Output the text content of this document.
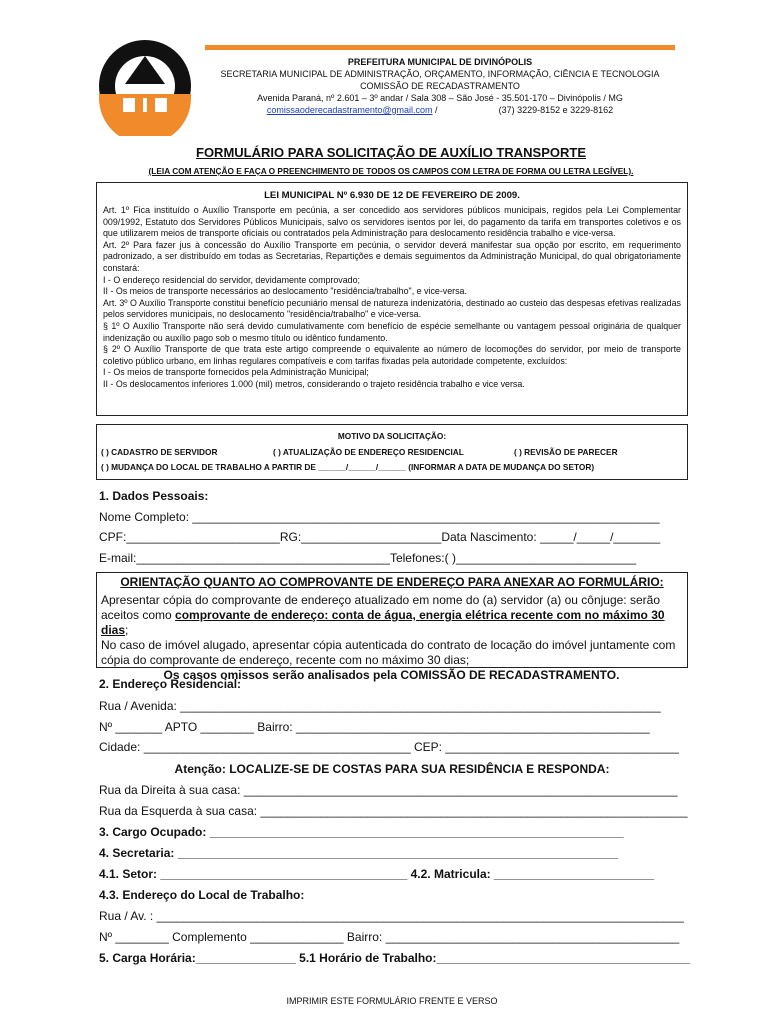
PREFEITURA MUNICIPAL DE DIVINÓPOLIS
SECRETARIA MUNICIPAL DE ADMINISTRAÇÃO, ORÇAMENTO, INFORMAÇÃO, CIÊNCIA E TECNOLOGIA
COMISSÃO DE RECADASTRAMENTO
Avenida Paraná, nº 2.601 – 3º andar / Sala 308 – São José - 35.501-170 – Divinópolis / MG
comissaoderecadastramento@gmail.com /	(37) 3229-8152 e 3229-8162
FORMULÁRIO PARA SOLICITAÇÃO DE AUXÍLIO TRANSPORTE
(LEIA COM ATENÇÃO E FAÇA O PREENCHIMENTO DE TODOS OS CAMPOS COM LETRA DE FORMA OU LETRA LEGÍVEL).
LEI MUNICIPAL Nº 6.930 DE 12 DE FEVEREIRO DE 2009.

Art. 1º Fica instituído o Auxílio Transporte em pecúnia, a ser concedido aos servidores públicos municipais, regidos pela Lei Complementar 009/1992, Estatuto dos Servidores Públicos Municipais, salvo os servidores isentos por lei, do pagamento da tarifa em transportes coletivos e os que utilizarem meios de transporte oficiais ou contratados pela Administração para deslocamento residência trabalho e vice-versa.

Art. 2º Para fazer jus à concessão do Auxílio Transporte em pecúnia, o servidor deverá manifestar sua opção por escrito, em requerimento padronizado, a ser distribuído em todas as Secretarias, Repartições e demais seguimentos da Administração Municipal, do qual obrigatoriamente constará:

I - O endereço residencial do servidor, devidamente comprovado;

II - Os meios de transporte necessários ao deslocamento "residência/trabalho", e vice-versa.

Art. 3º O Auxílio Transporte constitui benefício pecuniário mensal de natureza indenizatória, destinado ao custeio das despesas efetivas realizadas pelos servidores municipais, no deslocamento "residência/trabalho" e vice-versa.

§ 1º O Auxílio Transporte não será devido cumulativamente com benefício de espécie semelhante ou vantagem pessoal originária de qualquer indenização ou auxílio pago sob o mesmo título ou idêntico fundamento.

§ 2º O Auxílio Transporte de que trata este artigo compreende o equivalente ao número de locomoções do servidor, por meio de transporte coletivo público urbano, em linhas regulares compatíveis e com tarifas fixadas pela autoridade competente, excluídos:

I - Os meios de transporte fornecidos pela Administração Municipal;

II - Os deslocamentos inferiores 1.000 (mil) metros, considerando o trajeto residência trabalho e vice versa.

MOTIVO DA SOLICITAÇÃO:
( ) CADASTRO DE SERVIDOR	( ) ATUALIZAÇÃO DE ENDEREÇO RESIDENCIAL	( ) REVISÃO DE PARECER
( ) MUDANÇA DO LOCAL DE TRABALHO A PARTIR DE ______/______/______ (INFORMAR A DATA DE MUDANÇA DO SETOR)
1. Dados Pessoais:
Nome Completo: ______________________________________________________________________
CPF:_______________________RG:_____________________Data Nascimento: _____/_____/_______
E-mail:______________________________________Telefones:( )___________________________
ORIENTAÇÃO QUANTO AO COMPROVANTE DE ENDEREÇO PARA ANEXAR AO FORMULÁRIO:
Apresentar cópia do comprovante de endereço atualizado em nome do (a) servidor (a) ou cônjuge: serão aceitos como comprovante de endereço: conta de água, energia elétrica recente com no máximo 30 dias;
No caso de imóvel alugado, apresentar cópia autenticada do contrato de locação do imóvel juntamente com cópia do comprovante de endereço, recente com no máximo 30 dias;
Os casos omissos serão analisados pela COMISSÃO DE RECADASTRAMENTO.
2. Endereço Residencial:
Rua / Avenida: ________________________________________________________________________
Nº _______ APTO ________ Bairro: _____________________________________________________
Cidade: ________________________________________ CEP: ___________________________________
Atenção: LOCALIZE-SE DE COSTAS PARA SUA RESIDÊNCIA E RESPONDA:
Rua da Direita à sua casa: _________________________________________________________________
Rua da Esquerda à sua casa: ________________________________________________________________
3. Cargo Ocupado: ______________________________________________________________
4. Secretaria: __________________________________________________________________
4.1. Setor: _____________________________________ 4.2. Matricula: ________________________
4.3. Endereço do Local de Trabalho:
Rua / Av. : _______________________________________________________________________________
Nº ________ Complemento ______________ Bairro: ____________________________________________
5. Carga Horária:_______________ 5.1 Horário de Trabalho:______________________________________
IMPRIMIR ESTE FORMULÁRIO FRENTE E VERSO
